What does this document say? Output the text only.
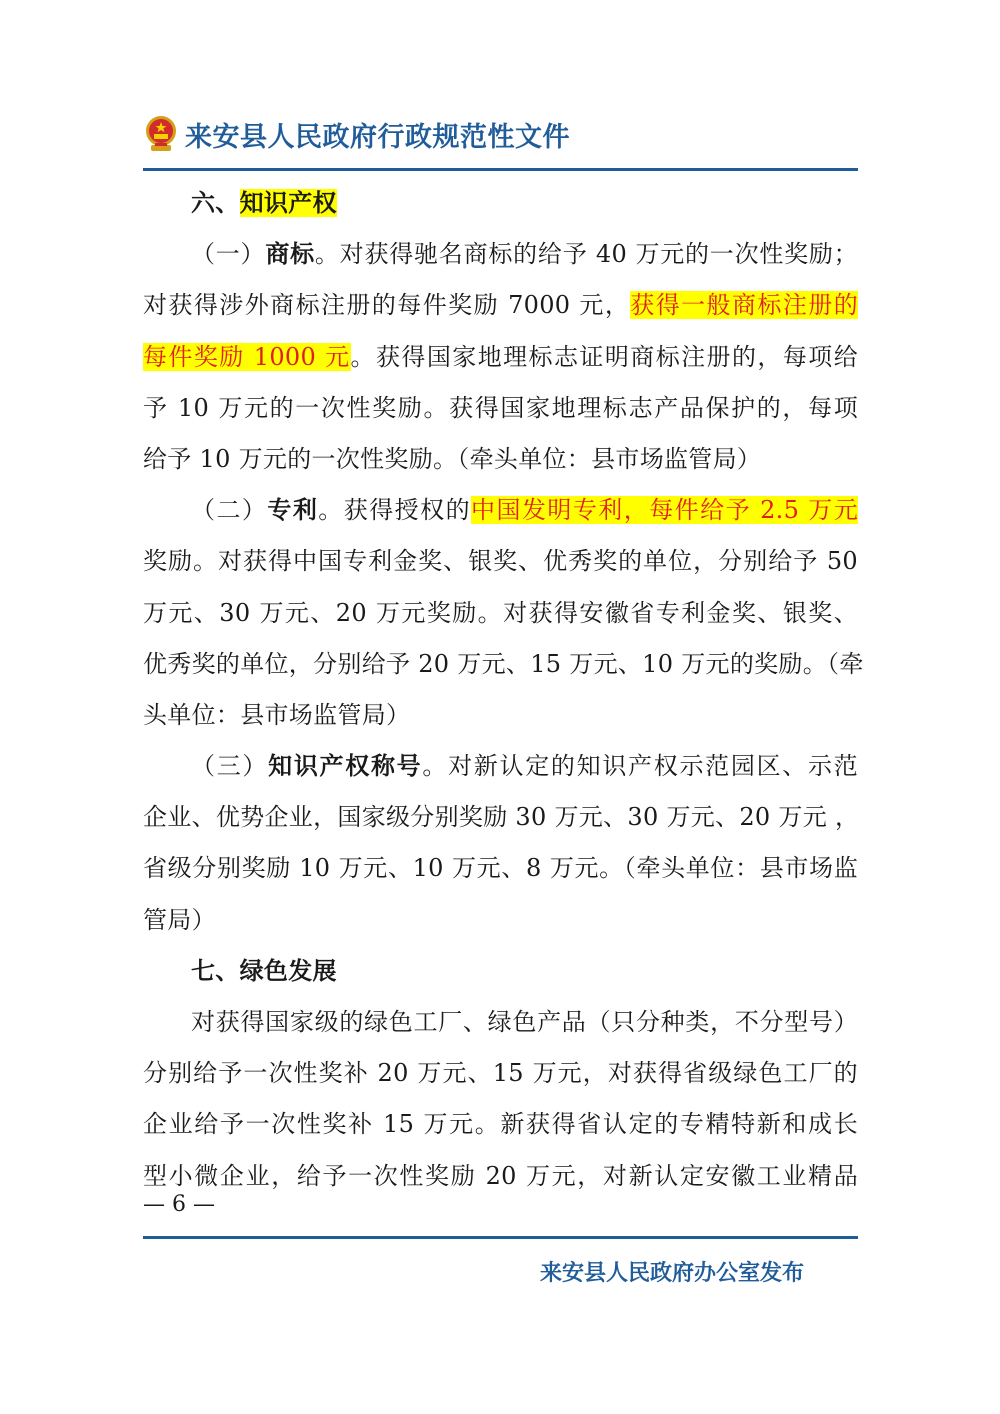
来安县人民政府行政规范性文件
六、知识产权
（一）商标。对获得驰名商标的给予 40 万元的一次性奖励；
对获得涉外商标注册的每件奖励 7000 元，获得一般商标注册的
每件奖励 1000 元。获得国家地理标志证明商标注册的，每项给
予 10 万元的一次性奖励。获得国家地理标志产品保护的，每项
给予 10 万元的一次性奖励。（牵头单位：县市场监管局）
（二）专利。获得授权的中国发明专利，每件给予 2.5 万元
奖励。对获得中国专利金奖、银奖、优秀奖的单位，分别给予 50
万元、30 万元、20 万元奖励。对获得安徽省专利金奖、银奖、
优秀奖的单位，分别给予 20 万元、15 万元、10 万元的奖励。（牵
头单位：县市场监管局）
（三）知识产权称号。对新认定的知识产权示范园区、示范
企业、优势企业，国家级分别奖励 30 万元、30 万元、20 万元 ，
省级分别奖励 10 万元、10 万元、8 万元。（牵头单位：县市场监
管局）
七、绿色发展
对获得国家级的绿色工厂、绿色产品（只分种类，不分型号）
分别给予一次性奖补 20 万元、15 万元，对获得省级绿色工厂的
企业给予一次性奖补 15 万元。新获得省认定的专精特新和成长
型小微企业，给予一次性奖励 20 万元，对新认定安徽工业精品
— 6 —
来安县人民政府办公室发布
